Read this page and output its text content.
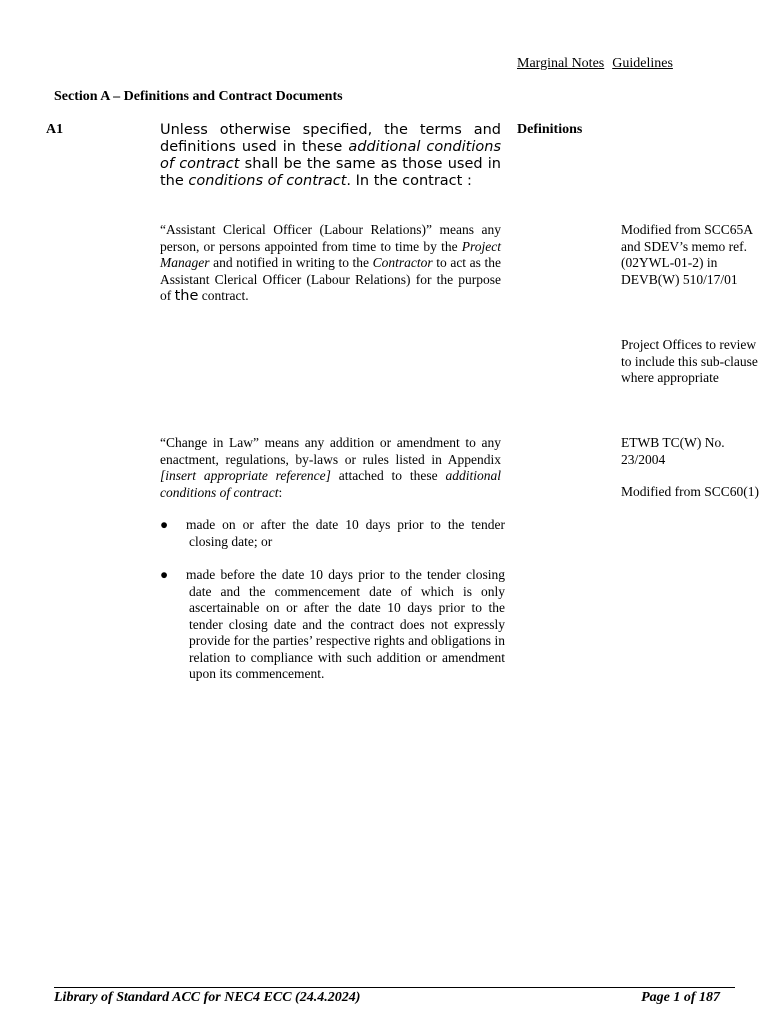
Marginal Notes Guidelines
Section A – Definitions and Contract Documents
A1	Unless otherwise specified, the terms and definitions used in these additional conditions of contract shall be the same as those used in the conditions of contract. In the contract :
Definitions
“Assistant Clerical Officer (Labour Relations)” means any person, or persons appointed from time to time by the Project Manager and notified in writing to the Contractor to act as the Assistant Clerical Officer (Labour Relations) for the purpose of the contract.
Modified from SCC65A and SDEV’s memo ref. (02YWL-01-2) in DEVB(W) 510/17/01
Project Offices to review to include this sub-clause where appropriate
“Change in Law” means any addition or amendment to any enactment, regulations, by-laws or rules listed in Appendix [insert appropriate reference] attached to these additional conditions of contract:
●	made on or after the date 10 days prior to the tender closing date; or
●	made before the date 10 days prior to the tender closing date and the commencement date of which is only ascertainable on or after the date 10 days prior to the tender closing date and the contract does not expressly provide for the parties’ respective rights and obligations in relation to compliance with such addition or amendment upon its commencement.
ETWB TC(W) No. 23/2004
Modified from SCC60(1)
Library of Standard ACC for NEC4 ECC (24.4.2024)	Page 1 of 187
